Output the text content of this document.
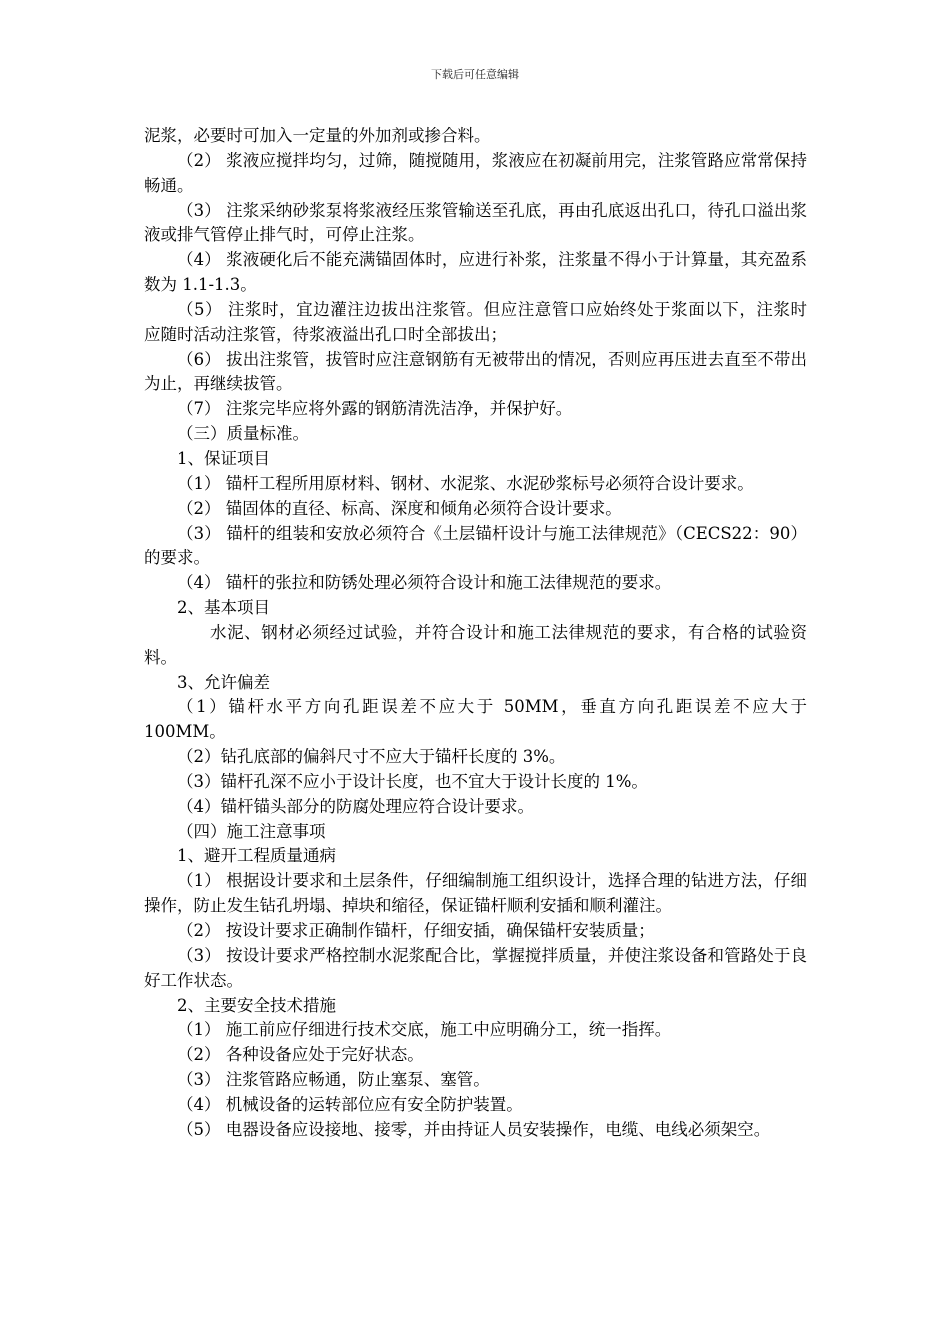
下载后可任意编辑

泥浆，必要时可加入一定量的外加剂或掺合料。

（2） 浆液应搅拌均匀，过筛，随搅随用，浆液应在初凝前用完，注浆管路应常常保持畅通。

（3） 注浆采纳砂浆泵将浆液经压浆管输送至孔底，再由孔底返出孔口，待孔口溢出浆液或排气管停止排气时，可停止注浆。

（4） 浆液硬化后不能充满锚固体时，应进行补浆，注浆量不得小于计算量，其充盈系数为 1.1-1.3。

（5） 注浆时，宜边灌注边拔出注浆管。但应注意管口应始终处于浆面以下，注浆时 应随时活动注浆管，待浆液溢出孔口时全部拔出；

（6） 拔出注浆管，拔管时应注意钢筋有无被带出的情况，否则应再压进去直至不带出为止，再继续拔管。

（7） 注浆完毕应将外露的钢筋清洗洁净，并保护好。

（三）质量标准。

1、保证项目

（1） 锚杆工程所用原材料、钢材、水泥浆、水泥砂浆标号必须符合设计要求。

（2） 锚固体的直径、标高、深度和倾角必须符合设计要求。

（3） 锚杆的组装和安放必须符合《土层锚杆设计与施工法律规范》（CECS22：90）的要求。

（4） 锚杆的张拉和防锈处理必须符合设计和施工法律规范的要求。

2、基本项目

水泥、钢材必须经过试验，并符合设计和施工法律规范的要求，有合格的试验资料。

3、允许偏差

（1）锚杆水平方向孔距误差不应大于 50MM，垂直方向孔距误差不应大于 100MM。

（2）钻孔底部的偏斜尺寸不应大于锚杆长度的 3%。

（3）锚杆孔深不应小于设计长度，也不宜大于设计长度的 1%。

（4）锚杆锚头部分的防腐处理应符合设计要求。

（四）施工注意事项

1、避开工程质量通病

（1） 根据设计要求和土层条件，仔细编制施工组织设计，选择合理的钻进方法，仔细操作，防止发生钻孔坍塌、掉块和缩径，保证锚杆顺利安插和顺利灌注。

（2） 按设计要求正确制作锚杆，仔细安插，确保锚杆安装质量；

（3） 按设计要求严格控制水泥浆配合比，掌握搅拌质量，并使注浆设备和管路处于良好工作状态。

2、主要安全技术措施

（1） 施工前应仔细进行技术交底，施工中应明确分工，统一指挥。

（2） 各种设备应处于完好状态。

（3） 注浆管路应畅通，防止塞泵、塞管。

（4） 机械设备的运转部位应有安全防护装置。

（5） 电器设备应设接地、接零，并由持证人员安装操作，电缆、电线必须架空。
